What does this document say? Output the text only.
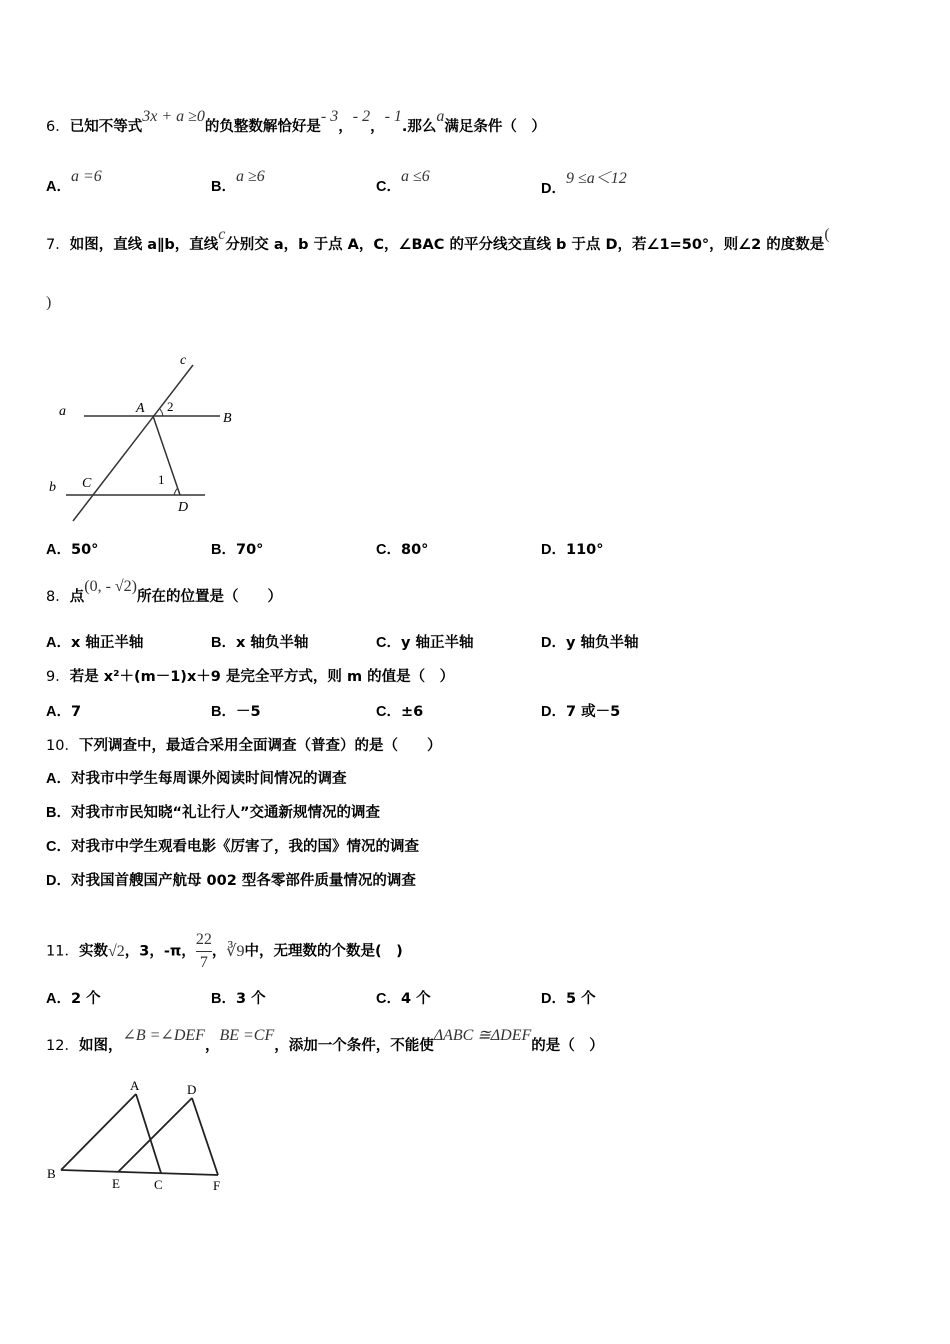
6．已知不等式3x + a ≥0的负整数解恰好是- 3，- 2，- 1.那么a满足条件（　）
A．a =6
B．a ≥6
C．a ≤6
D．9 ≤a＜12
7．如图，直线 a∥b，直线c分别交 a，b 于点 A，C，∠BAC 的平分线交直线 b 于点 D，若∠1=50°，则∠2 的度数是(
)
c
a	A 2
B
b C	1
D
A．50°	B．70°	C．80°	D．110°
8．点(0, - √2)所在的位置是（　　）
A．x 轴正半轴	B．x 轴负半轴	C．y 轴正半轴	D．y 轴负半轴
9．若是 x²＋(m－1)x＋9 是完全平方式，则 m 的值是（　）
A．7	B．－5	C．±6	D．7 或－5
10．下列调查中，最适合采用全面调查（普查）的是（　　）
A．对我市中学生每周课外阅读时间情况的调查
B．对我市市民知晓“礼让行人”交通新规情况的调查
C．对我市中学生观看电影《厉害了，我的国》情况的调查
D．对我国首艘国产航母 002 型各零部件质量情况的调查
11．实数√2，3，-π， $\frac{22}{7}$ ，∛9中，无理数的个数是(　)
A．2 个	B．3 个	C．4 个	D．5 个
12．如图，∠B =∠DEF，BE =CF，添加一个条件，不能使ΔABC ≅ΔDEF的是（　）
A	D
B
E	C	F
